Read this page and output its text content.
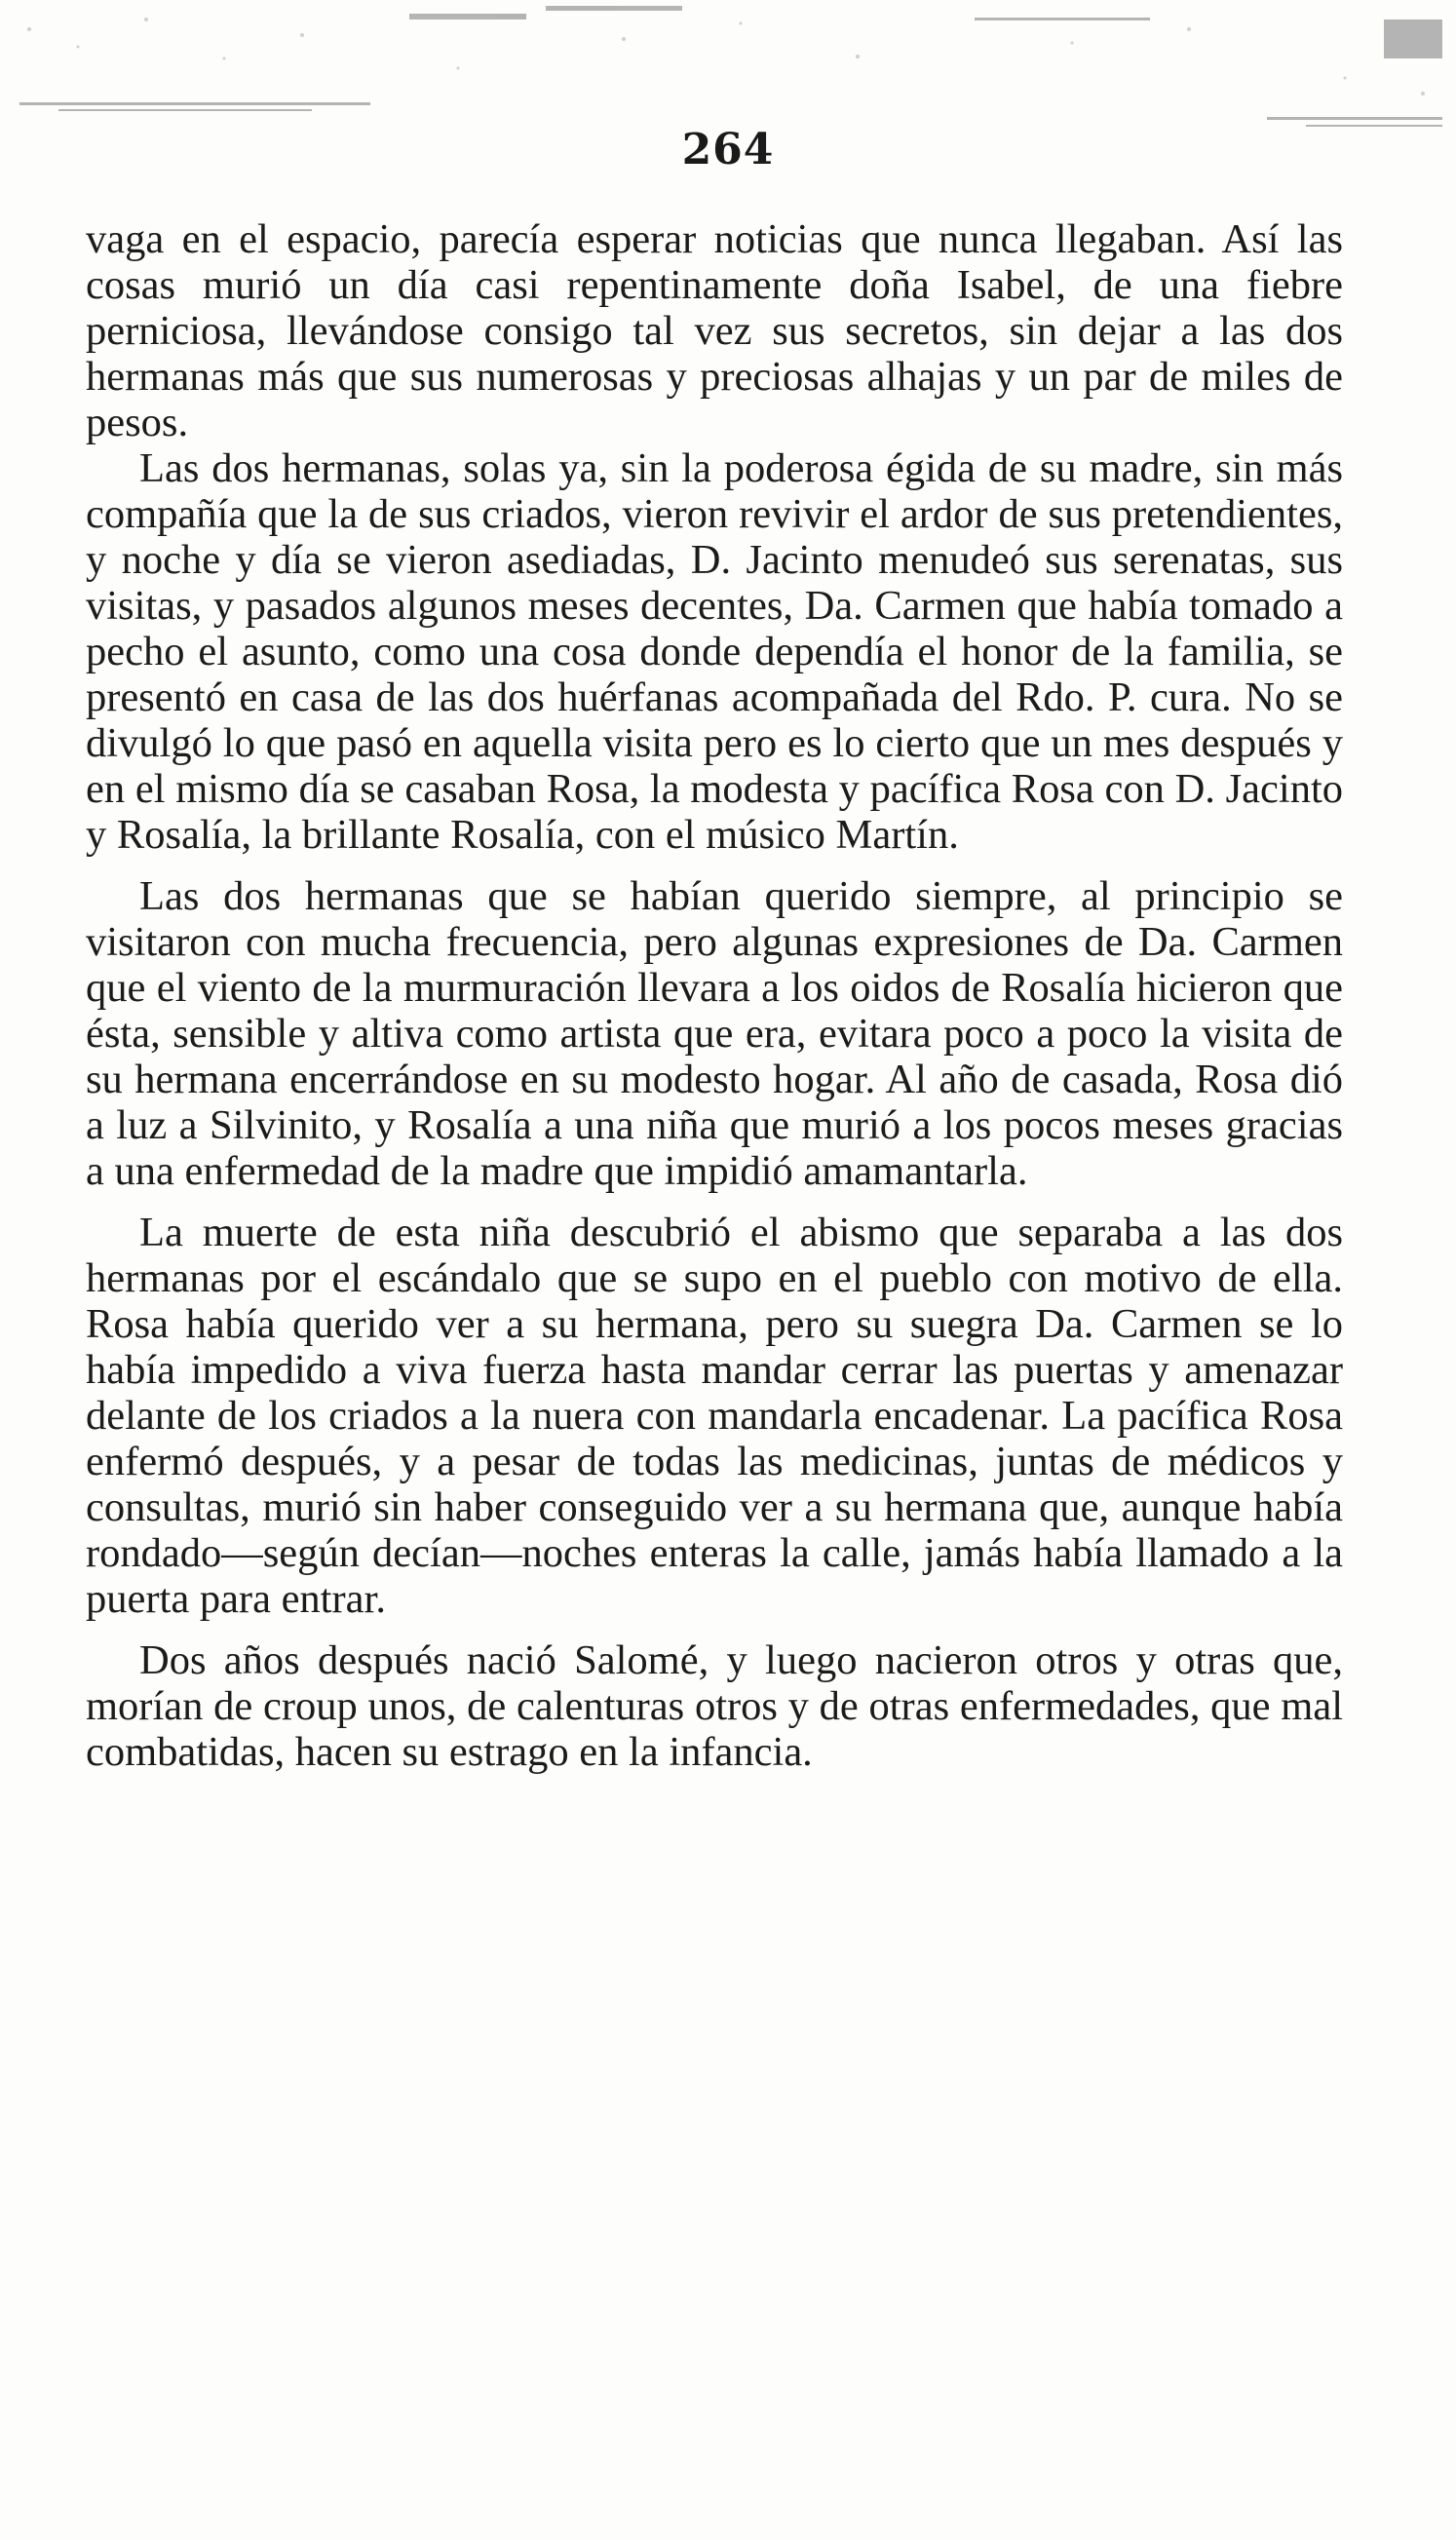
264

vaga en el espacio, parecía esperar noticias que nunca llegaban. Así las cosas murió un día casi repentinamente doña Isabel, de una fiebre perniciosa, llevándose consigo tal vez sus secretos, sin dejar a las dos hermanas más que sus numerosas y preciosas alhajas y un par de miles de pesos.

Las dos hermanas, solas ya, sin la poderosa égida de su madre, sin más compañía que la de sus criados, vieron revivir el ardor de sus pretendientes, y noche y día se vieron asediadas, D. Jacinto menudeó sus serenatas, sus visitas, y pasados algunos meses decentes, Da. Carmen que había tomado a pecho el asunto, como una cosa donde dependía el honor de la familia, se presentó en casa de las dos huérfanas acompañada del Rdo. P. cura. No se divulgó lo que pasó en aquella visita pero es lo cierto que un mes después y en el mismo día se casaban Rosa, la modesta y pacífica Rosa con D. Jacinto y Rosalía, la brillante Rosalía, con el músico Martín.

Las dos hermanas que se habían querido siempre, al principio se visitaron con mucha frecuencia, pero algunas expresiones de Da. Carmen que el viento de la murmuración llevara a los oidos de Rosalía hicieron que ésta, sensible y altiva como artista que era, evitara poco a poco la visita de su hermana encerrándose en su modesto hogar. Al año de casada, Rosa dió a luz a Silvinito, y Rosalía a una niña que murió a los pocos meses gracias a una enfermedad de la madre que impidió amamantarla.

La muerte de esta niña descubrió el abismo que separaba a las dos hermanas por el escándalo que se supo en el pueblo con motivo de ella. Rosa había querido ver a su hermana, pero su suegra Da. Carmen se lo había impedido a viva fuerza hasta mandar cerrar las puertas y amenazar delante de los criados a la nuera con mandarla encadenar. La pacífica Rosa enfermó después, y a pesar de todas las medicinas, juntas de médicos y consultas, murió sin haber conseguido ver a su hermana que, aunque había rondado—según decían—noches enteras la calle, jamás había llamado a la puerta para entrar.

Dos años después nació Salomé, y luego nacieron otros y otras que, morían de croup unos, de calenturas otros y de otras enfermedades, que mal combatidas, hacen su estrago en la infancia.
